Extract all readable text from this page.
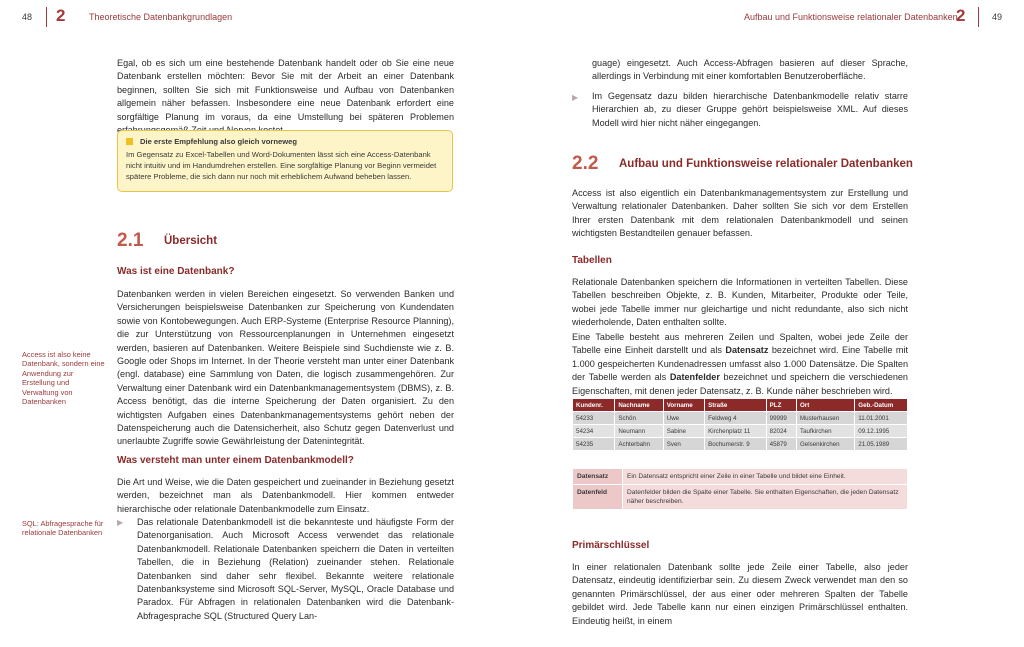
48 2	Theoretische Datenbankgrundlagen

Egal, ob es sich um eine bestehende Datenbank handelt oder ob Sie eine neue Datenbank erstellen möchten: Bevor Sie mit der Arbeit an einer Datenbank beginnen, sollten Sie sich mit Funktionsweise und Aufbau von Datenbanken allgemein näher befassen. Insbesondere eine neue Datenbank erfordert eine sorgfältige Planung im voraus, da eine Umstellung bei späteren Problemen

Die erste Empfehlung also gleich vorneweg
Im Gegensatz zu Excel-Tabellen und Word-Dokumenten lässt sich eine Access-Datenbank nicht intuitiv und im Handumdrehen erstellen. Eine sorgfältige Planung vor Beginn vermeidet spätere Probleme, die sich dann nur noch mit erheblichem Aufwand beheben lassen.
2.1 Übersicht
Was ist eine Datenbank?

Datenbanken werden in vielen Bereichen eingesetzt. So verwenden Banken und Versicherungen beispielsweise Datenbanken zur Speicherung von Kundendaten sowie von Kontobewegungen. Auch ERP-Systeme (Enterprise Resource Planning), die zur Unterstützung von Ressourcenplanungen in Unternehmen eingesetzt werden, basieren auf Datenbanken. Weitere Beispiele sind Suchdienste wie z. B. Google oder Shops im Internet. In der Theorie versteht man unter einer Datenbank (engl. database) eine Sammlung von Daten, die logisch zusammengehören. Zur Verwaltung einer Datenbank wird ein Datenbankmanagementsystem (DBMS), z. B. Access benötigt, das die interne Speicherung der Daten organisiert. Zu den wichtigsten Aufgaben eines Datenbankmanagementsystems gehört neben der Datenspeicherung auch die Datensicherheit, also Schutz gegen Datenverlust und unerlaubte Zugriffe sowie Gewährleistung der Datenintegrität.

Access ist also keine Datenbank, sondern eine Anwendung zur Erstellung und Verwaltung von Datenbanken

Was versteht man unter einem Datenbankmodell?

Die Art und Weise, wie die Daten gespeichert und zueinander in Beziehung gesetzt werden, bezeichnet man als Datenbankmodell. Hier kommen entweder hierarchische oder relationale Datenbankmodelle zum Einsatz.

SQL: Abfragesprache für relationale Datenbanken

▶ Das relationale Datenbankmodell ist die bekannteste und häufigste Form der Datenorganisation. Auch Microsoft Access verwendet das relationale Datenbankmodell. Relationale Datenbanken speichern die Daten in verteilten Tabellen, die in Beziehung (Relation) zueinander stehen. Relationale Datenbanken sind daher sehr flexibel. Bekannte weitere relationale Datenbanksysteme sind Microsoft SQL-Server, MySQL, Oracle Database und Paradox. Für Abfragen in relationalen Datenbanken wird die Datenbank-Abfragesprache SQL (Structured Query Lan-

Aufbau und Funktionsweise relationaler Datenbanken
2	49

guage) eingesetzt. Auch Access-Abfragen basieren auf dieser Sprache, allerdings in Verbindung mit einer komfortablen Benutzeroberfläche.

▶ Im Gegensatz dazu bilden hierarchische Datenbankmodelle relativ starre Hierarchien ab, zu dieser Gruppe gehört beispielsweise XML. Auf dieses Modell wird hier nicht näher eingegangen.

2.2 Aufbau und Funktionsweise relationaler Datenbanken

Access ist also eigentlich ein Datenbankmanagementsystem zur Erstellung und Verwaltung relationaler Datenbanken. Daher sollten Sie sich vor dem Erstellen Ihrer ersten Datenbank mit dem relationalen Datenbankmodell und seinen wichtigsten Bestandteilen genauer befassen.

Tabellen

Relationale Datenbanken speichern die Informationen in verteilten Tabellen. Diese Tabellen beschreiben Objekte, z. B. Kunden, Mitarbeiter, Produkte oder Teile, wobei jede Tabelle immer nur gleichartige und nicht redundante, also sich nicht wiederholende, Daten enthalten sollte.

Eine Tabelle besteht aus mehreren Zeilen und Spalten, wobei jede Zeile der Tabelle eine Einheit darstellt und als Datensatz bezeichnet wird. Eine Tabelle mit 1.000 gespeicherten Kundenadressen umfasst also 1.000 Datensätze. Die Spalten der Tabelle werden als Datenfelder bezeichnet und speichern die verschiedenen Eigenschaften, mit denen jeder Datensatz, z. B. Kunde näher beschrieben wird.

Kundenr.	Nachname	Vorname	Straße	PLZ	Ort	Geb.-Datum
54233	Schön	Uwe	Feldweg 4	99999	Musterhausen	11.01.2001
54234	Neumann	Sabine	Kirchenplatz 11	82024	Taufkirchen	09.12.1995
54235	Achterbahn	Sven	Bochumerstr. 9	45879	Gelsenkirchen	21.05.1989
Datensatz	Ein Datensatz entspricht einer Zeile in einer Tabelle und bildet eine Einheit.
Datenfeld	Datenfelder bilden die Spalte einer Tabelle. Sie enthalten Eigenschaften, die jeden Datensatz näher beschreiben.
Primärschlüssel

In einer relationalen Datenbank sollte jede Zeile einer Tabelle, also jeder Datensatz, eindeutig identifizierbar sein. Zu diesem Zweck verwendet man den so genannten Primärschlüssel, der aus einer oder mehreren Spalten der Tabelle gebildet wird. Jede Tabelle kann nur einen einzigen Primärschlüssel enthalten. Eindeutig heißt, in einem
